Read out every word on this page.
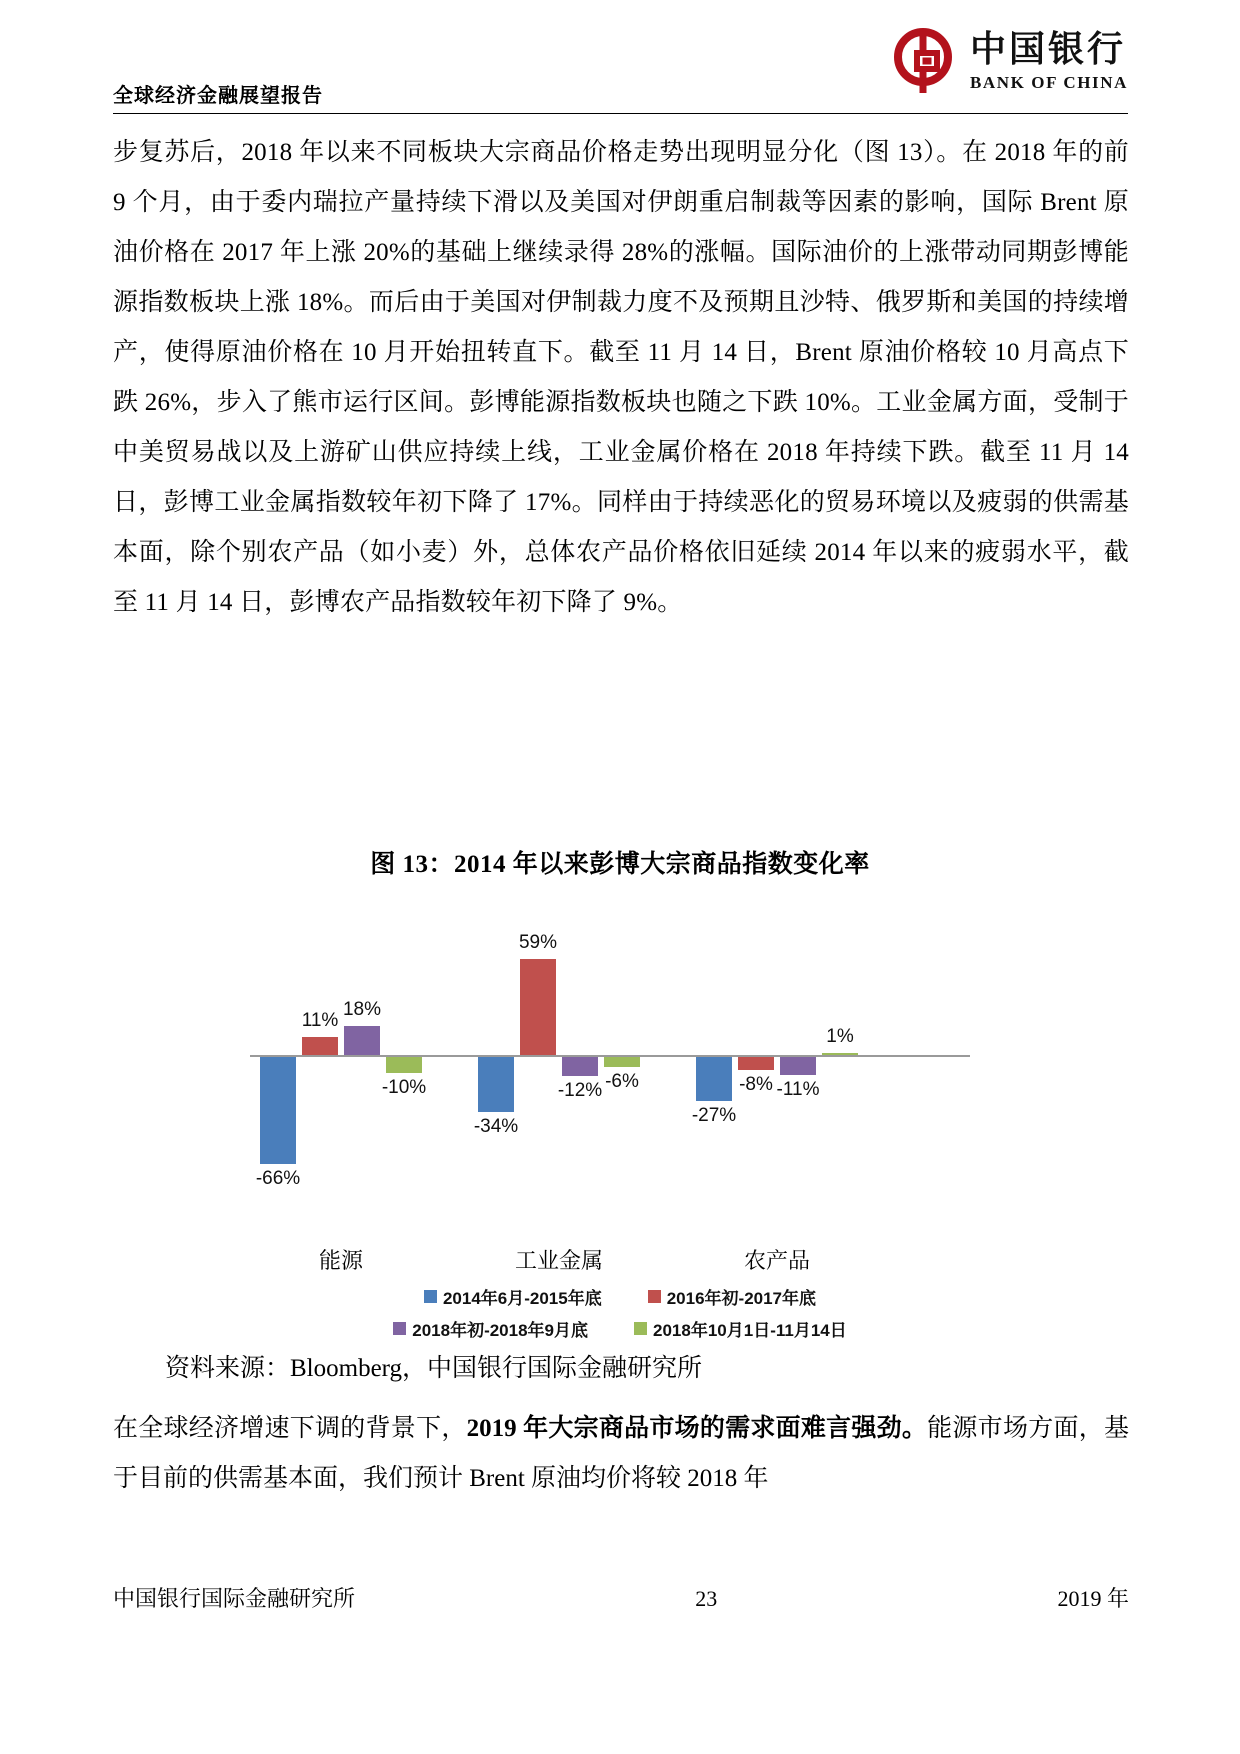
全球经济金融展望报告
中国银行
BANK OF CHINA

步复苏后，2018 年以来不同板块大宗商品价格走势出现明显分化（图 13）。在 2018 年的前 9 个月，由于委内瑞拉产量持续下滑以及美国对伊朗重启制裁等因素的影响，国际 Brent 原油价格在 2017 年上涨 20%的基础上继续录得 28%的涨幅。国际油价的上涨带动同期彭博能源指数板块上涨 18%。而后由于美国对伊制裁力度不及预期且沙特、俄罗斯和美国的持续增产，使得原油价格在 10 月开始扭转直下。截至 11 月 14 日，Brent 原油价格较 10 月高点下跌 26%，步入了熊市运行区间。彭博能源指数板块也随之下跌 10%。工业金属方面，受制于中美贸易战以及上游矿山供应持续上线，工业金属价格在 2018 年持续下跌。截至 11 月 14 日，彭博工业金属指数较年初下降了 17%。同样由于持续恶化的贸易环境以及疲弱的供需基本面，除个别农产品（如小麦）外，总体农产品价格依旧延续 2014 年以来的疲弱水平，截至 11 月 14 日，彭博农产品指数较年初下降了 9%。

图 13：2014 年以来彭博大宗商品指数变化率
-66%
11%
18%
-10%
-34%
59%
-12% -6%
-27%
-8% -11%
1%
能源	工业金属	农产品
2014年6月-2015年底	2016年初-2017年底
2018年初-2018年9月底	2018年10月1日-11月14日
资料来源：Bloomberg，中国银行国际金融研究所
在全球经济增速下调的背景下，2019 年大宗商品市场的需求面难言强劲。能源市场方面，基于目前的供需基本面，我们预计 Brent 原油均价将较 2018 年
中国银行国际金融研究所	23	2019 年
